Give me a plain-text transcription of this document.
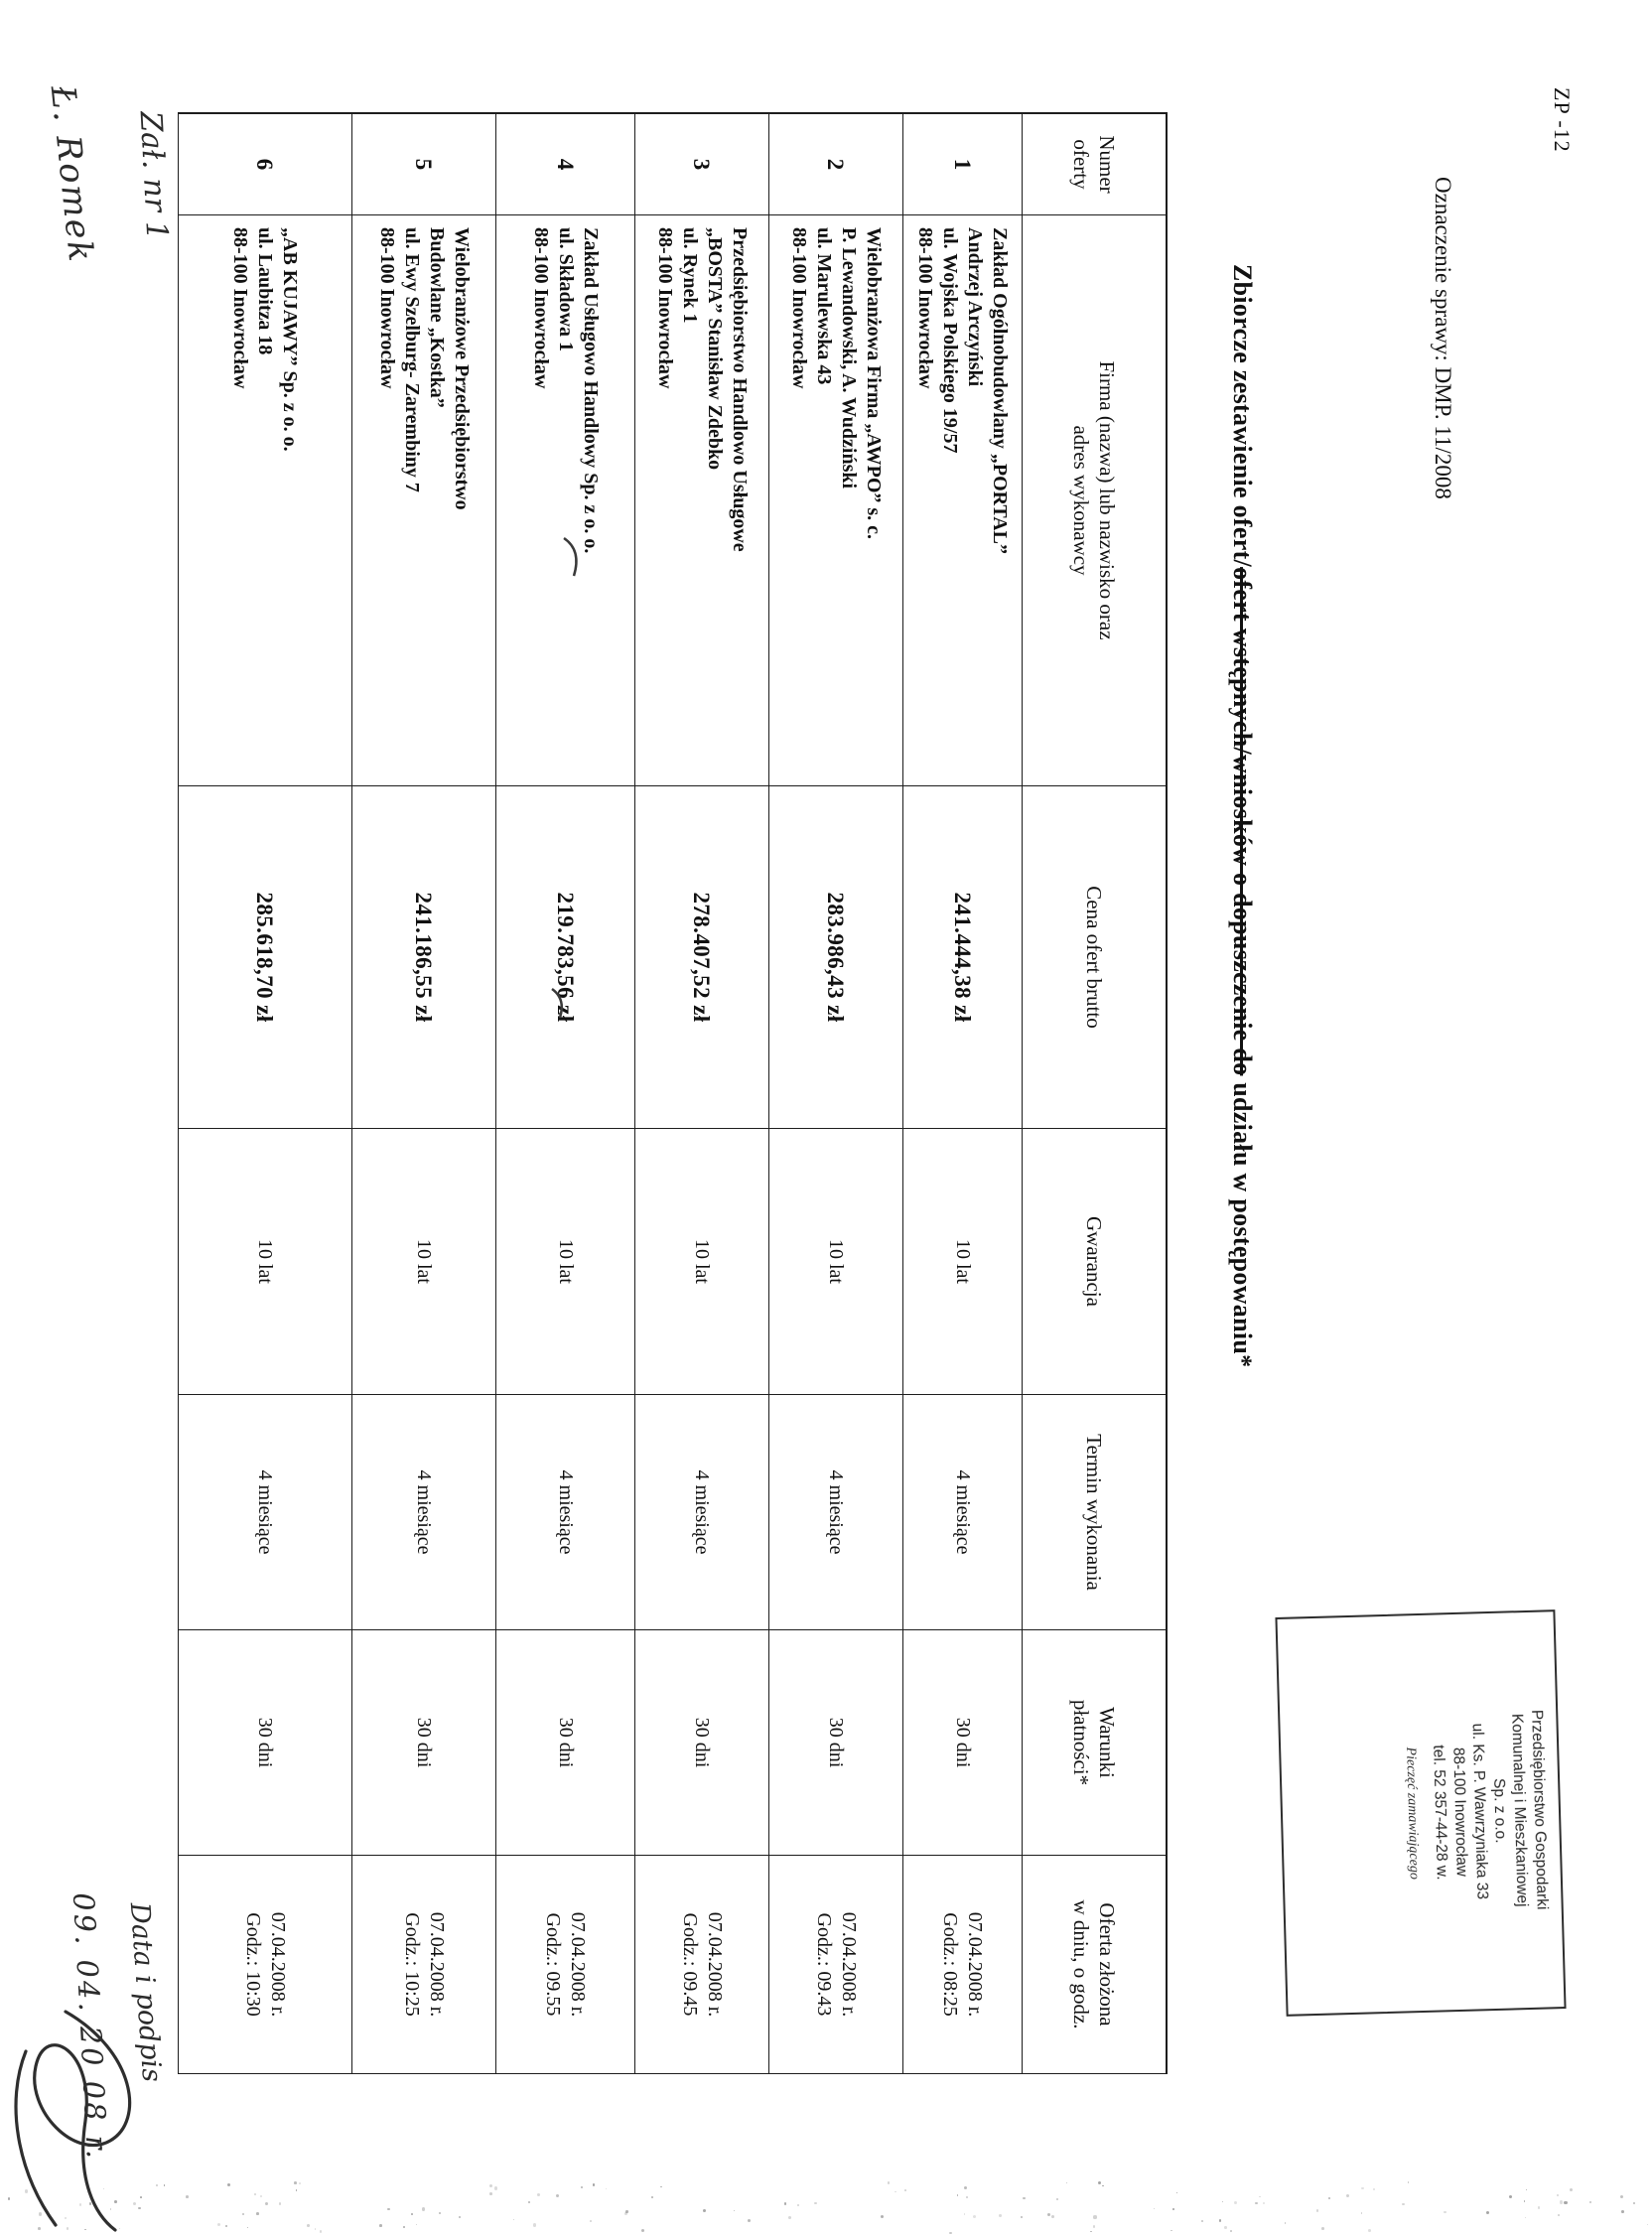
ZP -12
Oznaczenie sprawy: DMP. 11/2008
Zbiorcze zestawienie ofert/ofert wstępnych/wniosków o dopuszczenie do udziału w postępowaniu*
Przedsiębiorstwo Gospodarki
Komunalnej i Mieszkaniowej
Sp. z o.o.
ul. Ks. P. Wawrzyniaka 33
88-100 Inowrocław
tel. 52 357-44-28 w.
Pieczęć zamawiającego
Numer
oferty
Firma (nazwa) lub nazwisko oraz
adres wykonawcy
Cena ofert brutto
Gwarancja
Termin wykonania
Warunki
płatności*
Oferta złożona
w dniu, o godz.
1
Zakład Ogólnobudowlany „PORTAL”
Andrzej Arczyński
ul. Wojska Polskiego 19/57
88-100 Inowrocław
241.444,38 zł
10 lat
4 miesiące
30 dni
07.04.2008 r.
Godz.: 08:25
2
Wielobranżowa Firma „AWPO” s. c.
P. Lewandowski, A. Wudziński
ul. Marulewska 43
88-100 Inowrocław
283.986,43 zł
10 lat
4 miesiące
30 dni
07.04.2008 r.
Godz.: 09.43
3
Przedsiębiorstwo Handlowo Usługowe
„BOSTA” Stanisław Zdebko
ul. Rynek 1
88-100 Inowrocław
278.407,52 zł
10 lat
4 miesiące
30 dni
07.04.2008 r.
Godz.: 09.45
4
Zakład Usługowo Handlowy Sp. z o. o.
ul. Składowa 1
88-100 Inowrocław
219.783,56 zł
10 lat
4 miesiące
30 dni
07.04.2008 r.
Godz.: 09.55
5
Wielobranżowe Przedsiębiorstwo
Budowlane „Kostka”
ul. Ewy Szelburg- Zarembiny 7
88-100 Inowrocław
241.186,55 zł
10 lat
4 miesiące
30 dni
07.04.2008 r.
Godz.: 10:25
6
„AB KUJAWY” Sp. z o. o.
ul. Laubitza 18
88-100 Inowrocław
285.618,70 zł
10 lat
4 miesiące
30 dni
07.04.2008 r.
Godz.: 10:30
Zał. nr 1
Ł. Romek
Data i podpis
09. 04. 20 08 r.
